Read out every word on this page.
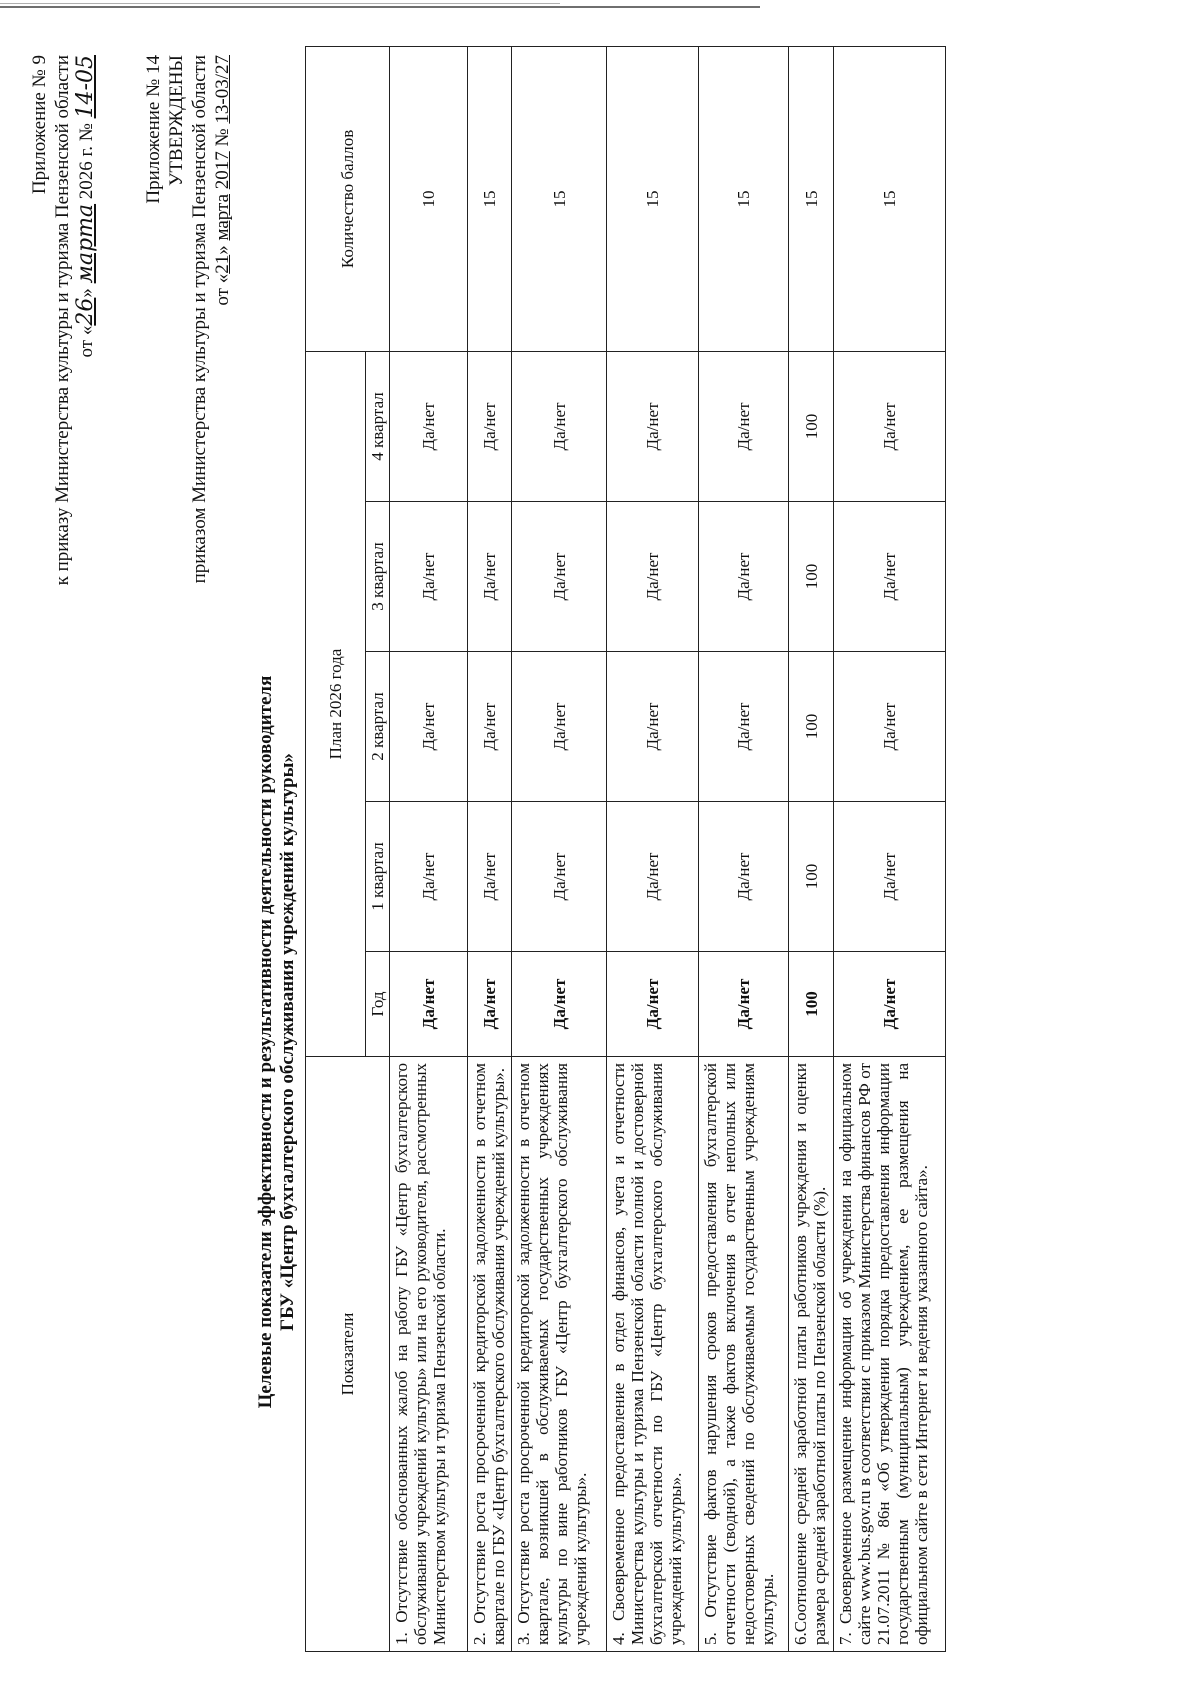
Приложение № 9 к приказу Министерства культуры и туризма Пензенской области от «26» марта 2026 г. № 14-05 Приложение № 14 УТВЕРЖДЕНЫ приказом Министерства культуры и туризма Пензенской области от «21» марта 2017 № 13-03/27
Целевые показатели эффективности и результативности деятельности руководителя ГБУ «Центр бухгалтерского обслуживания учреждений культуры»
Показатели	План 2026 года					Количество баллов
	Год	1 квартал	2 квартал	3 квартал	4 квартал	
1. Отсутствие обоснованных жалоб на работу ГБУ «Центр бухгалтерского обслуживания учреждений культуры» или на его руководителя, рассмотренных Министерством культуры и туризма Пензенской области.	Да/нет	Да/нет	Да/нет	Да/нет	Да/нет	10
2. Отсутствие роста просроченной кредиторской задолженности в отчетном квартале по ГБУ «Центр бухгалтерского обслуживания учреждений культуры».	Да/нет	Да/нет	Да/нет	Да/нет	Да/нет	15
3. Отсутствие роста просроченной кредиторской задолженности в отчетном квартале, возникшей в обслуживаемых государственных учреждениях культуры по вине работников ГБУ «Центр бухгалтерского обслуживания учреждений культуры».	Да/нет	Да/нет	Да/нет	Да/нет	Да/нет	15
4. Своевременное предоставление в отдел финансов, учета и отчетности Министерства культуры и туризма Пензенской области полной и достоверной бухгалтерской отчетности по ГБУ «Центр бухгалтерского обслуживания учреждений культуры».	Да/нет	Да/нет	Да/нет	Да/нет	Да/нет	15
5. Отсутствие фактов нарушения сроков предоставления бухгалтерской отчетности (сводной), а также фактов включения в отчет неполных или недостоверных сведений по обслуживаемым государственным учреждениям культуры.	Да/нет	Да/нет	Да/нет	Да/нет	Да/нет	15
6.Соотношение средней заработной платы работников учреждения и оценки размера средней заработной платы по Пензенской области (%).	100	100	100	100	100	15
7. Своевременное размещение информации об учреждении на официальном сайте www.bus.gov.ru в соответствии с приказом Министерства финансов РФ от 21.07.2011 № 86н «Об утверждении порядка предоставления информации государственным (муниципальным) учреждением, ее размещения на официальном сайте в сети Интернет и ведения указанного сайта».	Да/нет	Да/нет	Да/нет	Да/нет	Да/нет	15
